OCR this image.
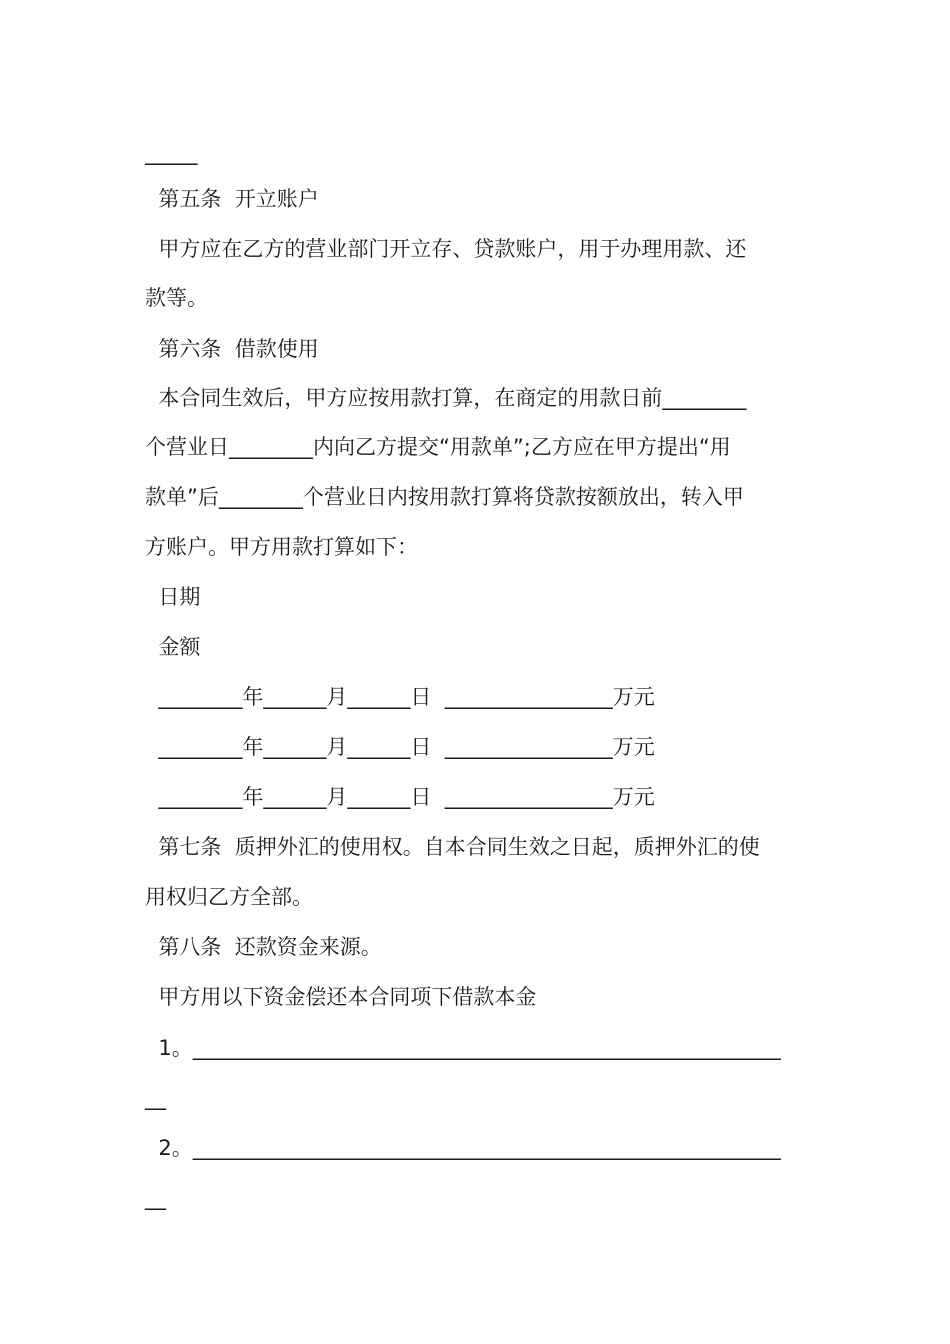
_____
第五条  开立账户
甲方应在乙方的营业部门开立存、贷款账户，用于办理用款、还
款等。
第六条  借款使用
本合同生效后，甲方应按用款打算，在商定的用款日前________
个营业日________内向乙方提交“用款单”;乙方应在甲方提出“用
款单”后________个营业日内按用款打算将贷款按额放出，转入甲
方账户。甲方用款打算如下：
日期
金额
________年______月______日  ________________万元
________年______月______日  ________________万元
________年______月______日  ________________万元
第七条  质押外汇的使用权。自本合同生效之日起，质押外汇的使
用权归乙方全部。
第八条  还款资金来源。
甲方用以下资金偿还本合同项下借款本金
1。________________________________________________________
__
2。________________________________________________________
__
